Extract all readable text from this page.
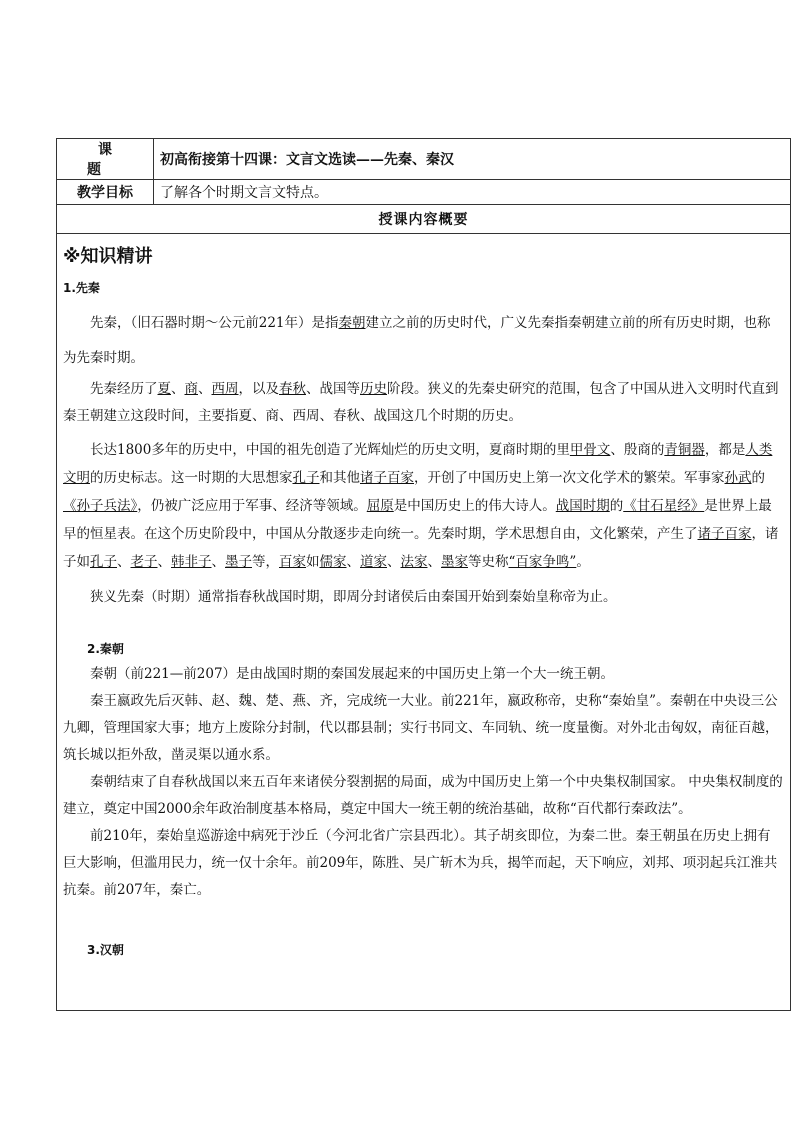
课 题	初高衔接第十四课：文言文选读——先秦、秦汉
教学目标	了解各个时期文言文特点。
授课内容概要	
※知识精讲
1.先秦

先秦，（旧石器时期～公元前221年）是指秦朝建立之前的历史时代，广义先秦指秦朝建立前的所有历史时期，也称为先秦时期。

先秦经历了夏、商、西周，以及春秋、战国等历史阶段。狭义的先秦史研究的范围，包含了中国从进入文明时代直到秦王朝建立这段时间，主要指夏、商、西周、春秋、战国这几个时期的历史。

长达1800多年的历史中，中国的祖先创造了光辉灿烂的历史文明，夏商时期的里甲骨文、殷商的青铜器，都是人类文明的历史标志。这一时期的大思想家孔子和其他诸子百家，开创了中国历史上第一次文化学术的繁荣。军事家孙武的《孙子兵法》，仍被广泛应用于军事、经济等领域。屈原是中国历史上的伟大诗人。战国时期的《甘石星经》是世界上最早的恒星表。在这个历史阶段中，中国从分散逐步走向统一。先秦时期，学术思想自由，文化繁荣，产生了诸子百家，诸子如孔子、老子、韩非子、墨子等，百家如儒家、道家、法家、墨家等史称“百家争鸣”。

狭义先秦（时期）通常指春秋战国时期，即周分封诸侯后由秦国开始到秦始皇称帝为止。

2.秦朝

秦朝（前221—前207）是由战国时期的秦国发展起来的中国历史上第一个大一统王朝。

秦王嬴政先后灭韩、赵、魏、楚、燕、齐，完成统一大业。前221年，嬴政称帝，史称“秦始皇”。秦朝在中央设三公九卿，管理国家大事；地方上废除分封制，代以郡县制；实行书同文、车同轨、统一度量衡。对外北击匈奴，南征百越，筑长城以拒外敌，凿灵渠以通水系。

秦朝结束了自春秋战国以来五百年来诸侯分裂割据的局面，成为中国历史上第一个中央集权制国家。 中央集权制度的建立，奠定中国2000余年政治制度基本格局，奠定中国大一统王朝的统治基础，故称“百代都行秦政法”。

前210年，秦始皇巡游途中病死于沙丘（今河北省广宗县西北）。其子胡亥即位，为秦二世。秦王朝虽在历史上拥有巨大影响，但滥用民力，统一仅十余年。前209年，陈胜、吴广斩木为兵，揭竿而起，天下响应，刘邦、项羽起兵江淮共抗秦。前207年，秦亡。

3.汉朝
